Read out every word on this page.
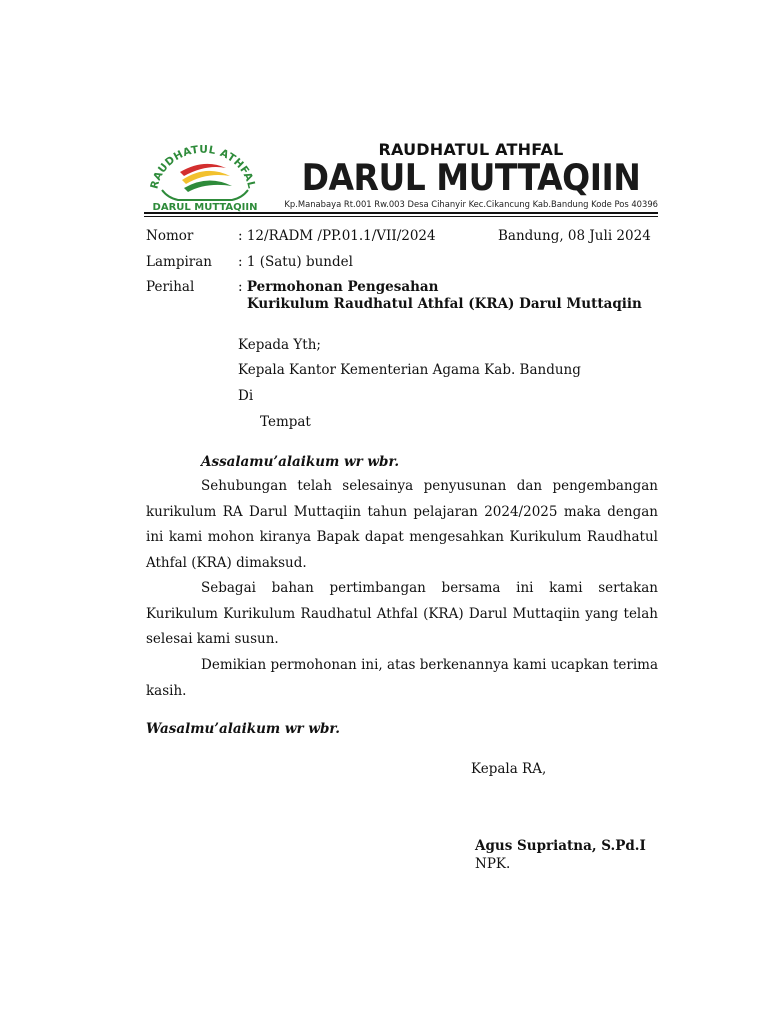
RAUDHATUL ATHFAL
DARUL MUTTAQIIN
RAUDHATUL ATHFAL
DARUL MUTTAQIIN
Kp.Manabaya Rt.001 Rw.003 Desa Cihanyir Kec.Cikancung Kab.Bandung Kode Pos 40396
Nomor	: 12/RADM /PP.01.1/VII/2024	Bandung, 08 Juli 2024
Lampiran : 1 (Satu) bundel
Perihal	: Permohonan Pengesahan
Kurikulum Raudhatul Athfal (KRA) Darul Muttaqiin
Kepada Yth;
Kepala Kantor Kementerian Agama Kab. Bandung
Di
Tempat
Assalamu’alaikum wr wbr.
Sehubungan telah selesainya penyusunan dan pengembangan kurikulum RA Darul Muttaqiin tahun pelajaran 2024/2025 maka dengan ini kami mohon kiranya Bapak dapat mengesahkan Kurikulum Raudhatul Athfal (KRA) dimaksud.
Sebagai bahan pertimbangan bersama ini kami sertakan Kurikulum Kurikulum Raudhatul Athfal (KRA) Darul Muttaqiin yang telah selesai kami susun.
Demikian permohonan ini, atas berkenannya kami ucapkan terima kasih.
Wasalmu’alaikum wr wbr.
Kepala RA,
Agus Supriatna, S.Pd.I
NPK.
